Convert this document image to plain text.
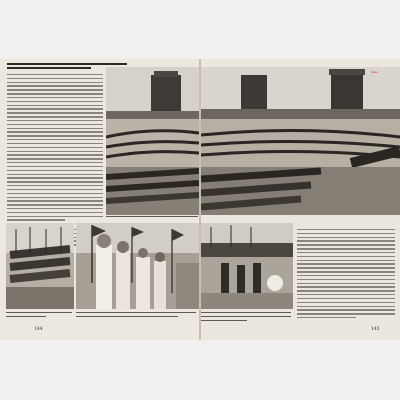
144
Seite
145
